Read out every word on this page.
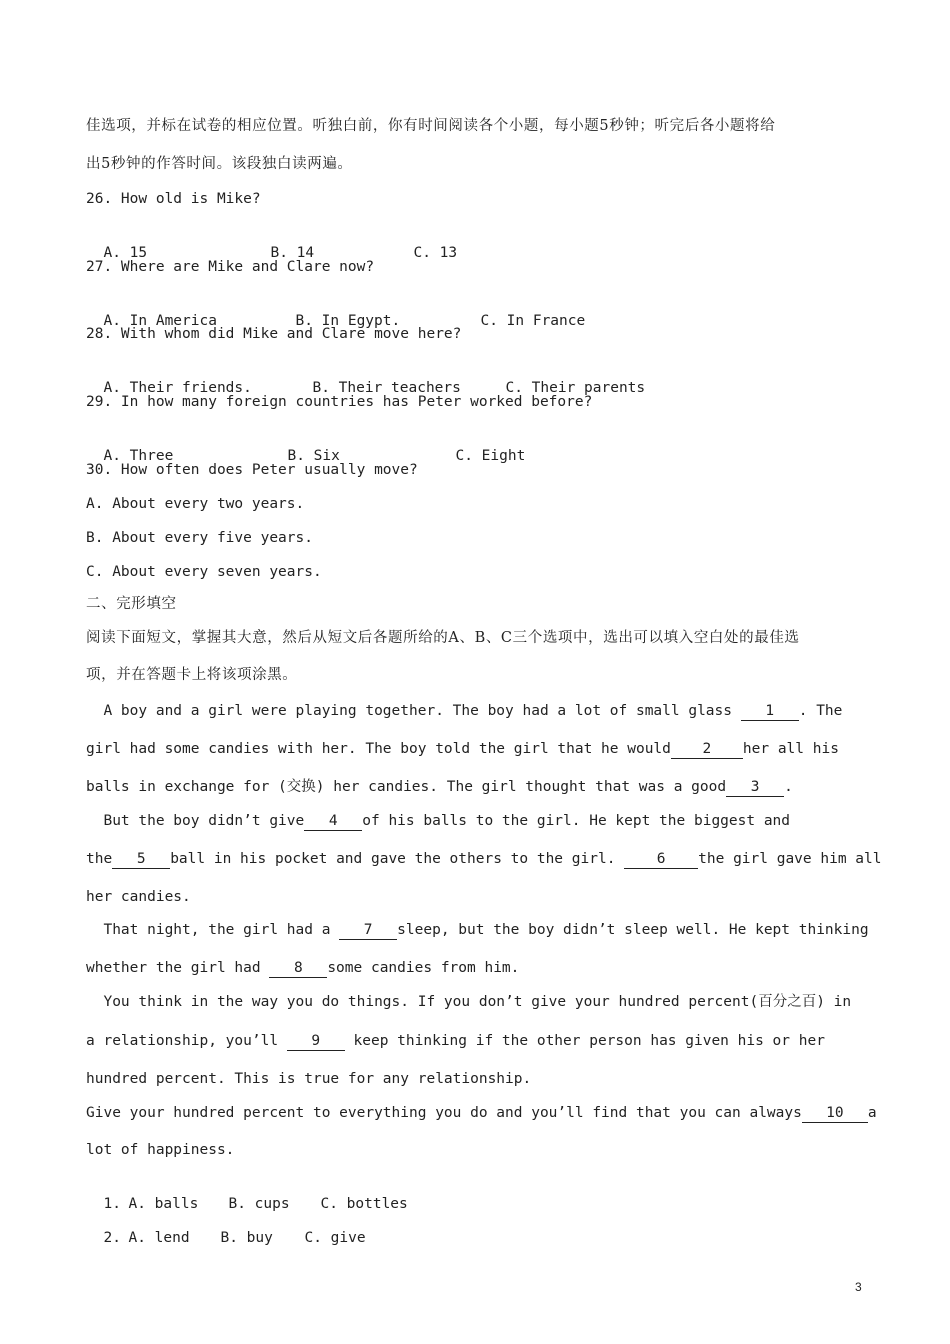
佳选项，并标在试卷的相应位置。听独白前，你有时间阅读各个小题，每小题5秒钟；听完后各小题将给
出5秒钟的作答时间。该段独白读两遍。
26. How old is Mike?

A. 15	B. 14	C. 13

27. Where are Mike and Clare now?

A. In America	B. In Egypt.	C. In France

28. With whom did Mike and Clare move here?

A. Their friends.	B. Their teachers	C. Their parents

29. In how many foreign countries has Peter worked before?

A. Three	B. Six	C. Eight

30. How often does Peter usually move?
A. About every two years.
B. About every five years.
C. About every seven years.
二、完形填空
阅读下面短文，掌握其大意，然后从短文后各题所给的A、B、C三个选项中，选出可以填入空白处的最佳选
项，并在答题卡上将该项涂黑。
A boy and a girl were playing together. The boy had a lot of small glass 1 . The
girl had some candies with her. The boy told the girl that he would 2 her all his
balls in exchange for (交换) her candies. The girl thought that was a good 3 .
But the boy didn’t give 4 of his balls to the girl. He kept the biggest and
the 5 ball in his pocket and gave the others to the girl. 6 the girl gave him all
her candies.
That night, the girl had a 7 sleep, but the boy didn’t sleep well. He kept thinking
whether the girl had 8 some candies from him.
You think in the way you do things. If you don’t give your hundred percent(百分之百) in
a relationship, you’ll 9 keep thinking if the other person has given his or her
hundred percent. This is true for any relationship.
Give your hundred percent to everything you do and you’ll find that you can always 10 a
lot of happiness.

1. A. balls B. cups C. bottles

2. A. lend B. buy C. give

3
